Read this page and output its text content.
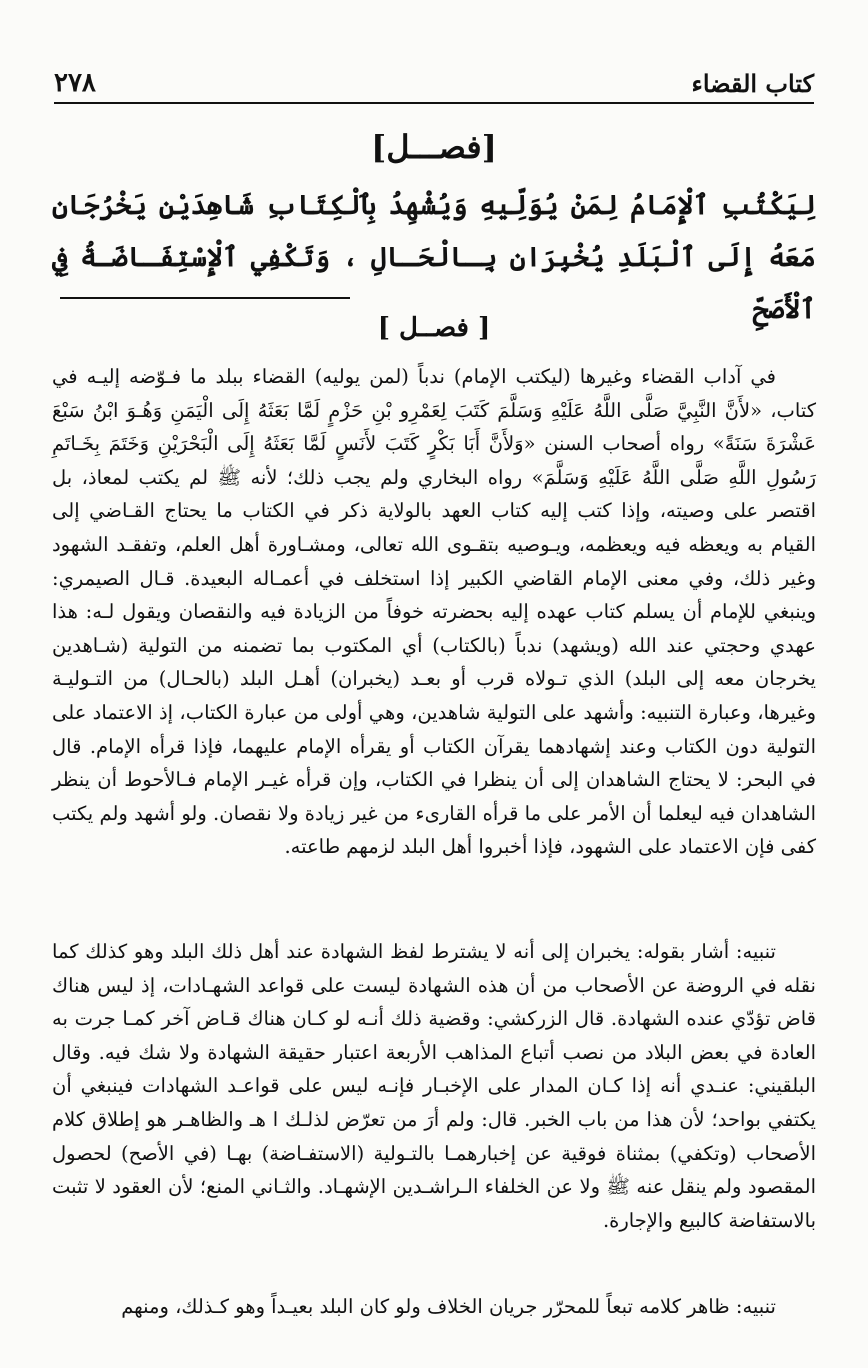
كتاب القضاء
٢٧٨
[فصـــل]
لِيَكْتُبِ ٱلْإِمَامُ لِمَنْ يُوَلِّيهِ وَيُشْهِدُ بِٱلْكِتَابِ شَاهِدَيْنِ يَخْرُجَانِ مَعَهُ إِلَى ٱلْبَلَدِ يُخْبِرَانِ بِـالْحَـالِ ، وَتَكْفِي ٱلْإِسْتِفَـاضَـةُ فِي ٱلْأَصَحِّ
[ فصــل ]
في آداب القضاء وغيرها (ليكتب الإمام) ندباً (لمن يوليه) القضاء ببلد ما فـوّضه إليـه في كتاب، «لأَنَّ النَّبِيَّ صَلَّى اللَّهُ عَلَيْهِ وَسَلَّمَ كَتَبَ لِعَمْرِو بْنِ حَزْمٍ لَمَّا بَعَثَهُ إِلَى الْيَمَنِ وَهُـوَ ابْنُ سَبْعَ عَشْرَةَ سَنَةً» رواه أصحاب السنن «وَلأَنَّ أَبَا بَكْرٍ كَتَبَ لأَنَسٍ لَمَّا بَعَثَهُ إِلَى الْبَحْرَيْنِ وَخَتَمَ بِخَـاتَمِ رَسُولِ اللَّهِ صَلَّى اللَّهُ عَلَيْهِ وَسَلَّمَ» رواه البخاري ولم يجب ذلك؛ لأنه ﷺ لم يكتب لمعاذ، بل اقتصر على وصيته، وإذا كتب إليه كتاب العهد بالولاية ذكر في الكتاب ما يحتاج القـاضي إلى القيام به ويعظه فيه ويعظمه، ويـوصيه بتقـوى الله تعالى، ومشـاورة أهل العلم، وتفقـد الشهود وغير ذلك، وفي معنى الإمام القاضي الكبير إذا استخلف في أعمـاله البعيدة. قـال الصيمري: وينبغي للإمام أن يسلم كتاب عهده إليه بحضرته خوفاً من الزيادة فيه والنقصان ويقول لـه: هذا عهدي وحجتي عند الله (ويشهد) ندباً (بالكتاب) أي المكتوب بما تضمنه من التولية (شـاهدين يخرجان معه إلى البلد) الذي تـولاه قرب أو بعـد (يخبران) أهـل البلد (بالحـال) من التـوليـة وغيرها، وعبارة التنبيه: وأشهد على التولية شاهدين، وهي أولى من عبارة الكتاب، إذ الاعتماد على التولية دون الكتاب وعند إشهادهما يقرآن الكتاب أو يقرأه الإمام عليهما، فإذا قرأه الإمام. قال في البحر: لا يحتاج الشاهدان إلى أن ينظرا في الكتاب، وإن قرأه غيـر الإمام فـالأحوط أن ينظر الشاهدان فيه ليعلما أن الأمر على ما قرأه القارىء من غير زيادة ولا نقصان. ولو أشهد ولم يكتب كفى فإن الاعتماد على الشهود، فإذا أخبروا أهل البلد لزمهم طاعته.
تنبيه: أشار بقوله: يخبران إلى أنه لا يشترط لفظ الشهادة عند أهل ذلك البلد وهو كذلك كما نقله في الروضة عن الأصحاب من أن هذه الشهادة ليست على قواعد الشهـادات، إذ ليس هناك قاض تؤدّي عنده الشهادة. قال الزركشي: وقضية ذلك أنـه لو كـان هناك قـاض آخر كمـا جرت به العادة في بعض البلاد من نصب أتباع المذاهب الأربعة اعتبار حقيقة الشهادة ولا شك فيه. وقال البلقيني: عنـدي أنه إذا كـان المدار على الإخبـار فإنـه ليس على قواعـد الشهادات فينبغي أن يكتفي بواحد؛ لأن هذا من باب الخبر. قال: ولم أرَ من تعرّض لذلـك ا هـ والظاهـر هو إطلاق كلام الأصحاب (وتكفي) بمثناة فوقية عن إخبارهمـا بالتـولية (الاستفـاضة) بهـا (في الأصح) لحصول المقصود ولم ينقل عنه ﷺ ولا عن الخلفاء الـراشـدين الإشهـاد. والثـاني المنع؛ لأن العقود لا تثبت بالاستفاضة كالبيع والإجارة.
تنبيه: ظاهر كلامه تبعاً للمحرّر جريان الخلاف ولو كان البلد بعيـداً وهو كـذلك، ومنهم
